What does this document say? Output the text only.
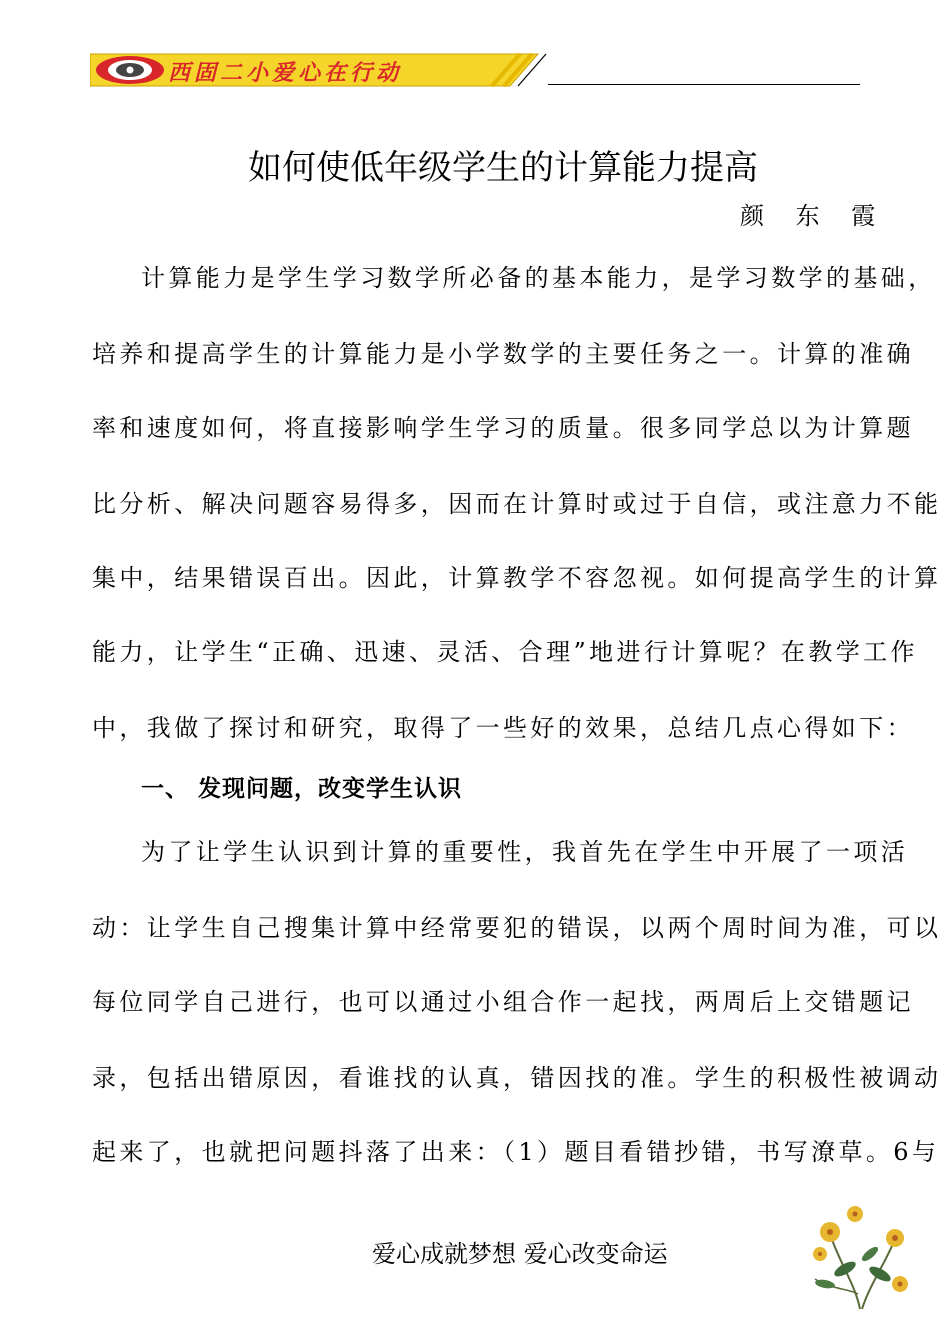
西固二小爱心在行动
如何使低年级学生的计算能力提高
颜 东 霞
计算能力是学生学习数学所必备的基本能力，是学习数学的基础，
培养和提高学生的计算能力是小学数学的主要任务之一。计算的准确
率和速度如何，将直接影响学生学习的质量。很多同学总以为计算题
比分析、解决问题容易得多，因而在计算时或过于自信，或注意力不能
集中，结果错误百出。因此，计算教学不容忽视。如何提高学生的计算
能力，让学生“正确、迅速、灵活、合理”地进行计算呢？在教学工作
中，我做了探讨和研究，取得了一些好的效果，总结几点心得如下：
一、 发现问题，改变学生认识
为了让学生认识到计算的重要性，我首先在学生中开展了一项活
动：让学生自己搜集计算中经常要犯的错误，以两个周时间为准，可以
每位同学自己进行，也可以通过小组合作一起找，两周后上交错题记
录，包括出错原因，看谁找的认真，错因找的准。学生的积极性被调动
起来了，也就把问题抖落了出来：（1）题目看错抄错，书写潦草。6与
爱心成就梦想 爱心改变命运
